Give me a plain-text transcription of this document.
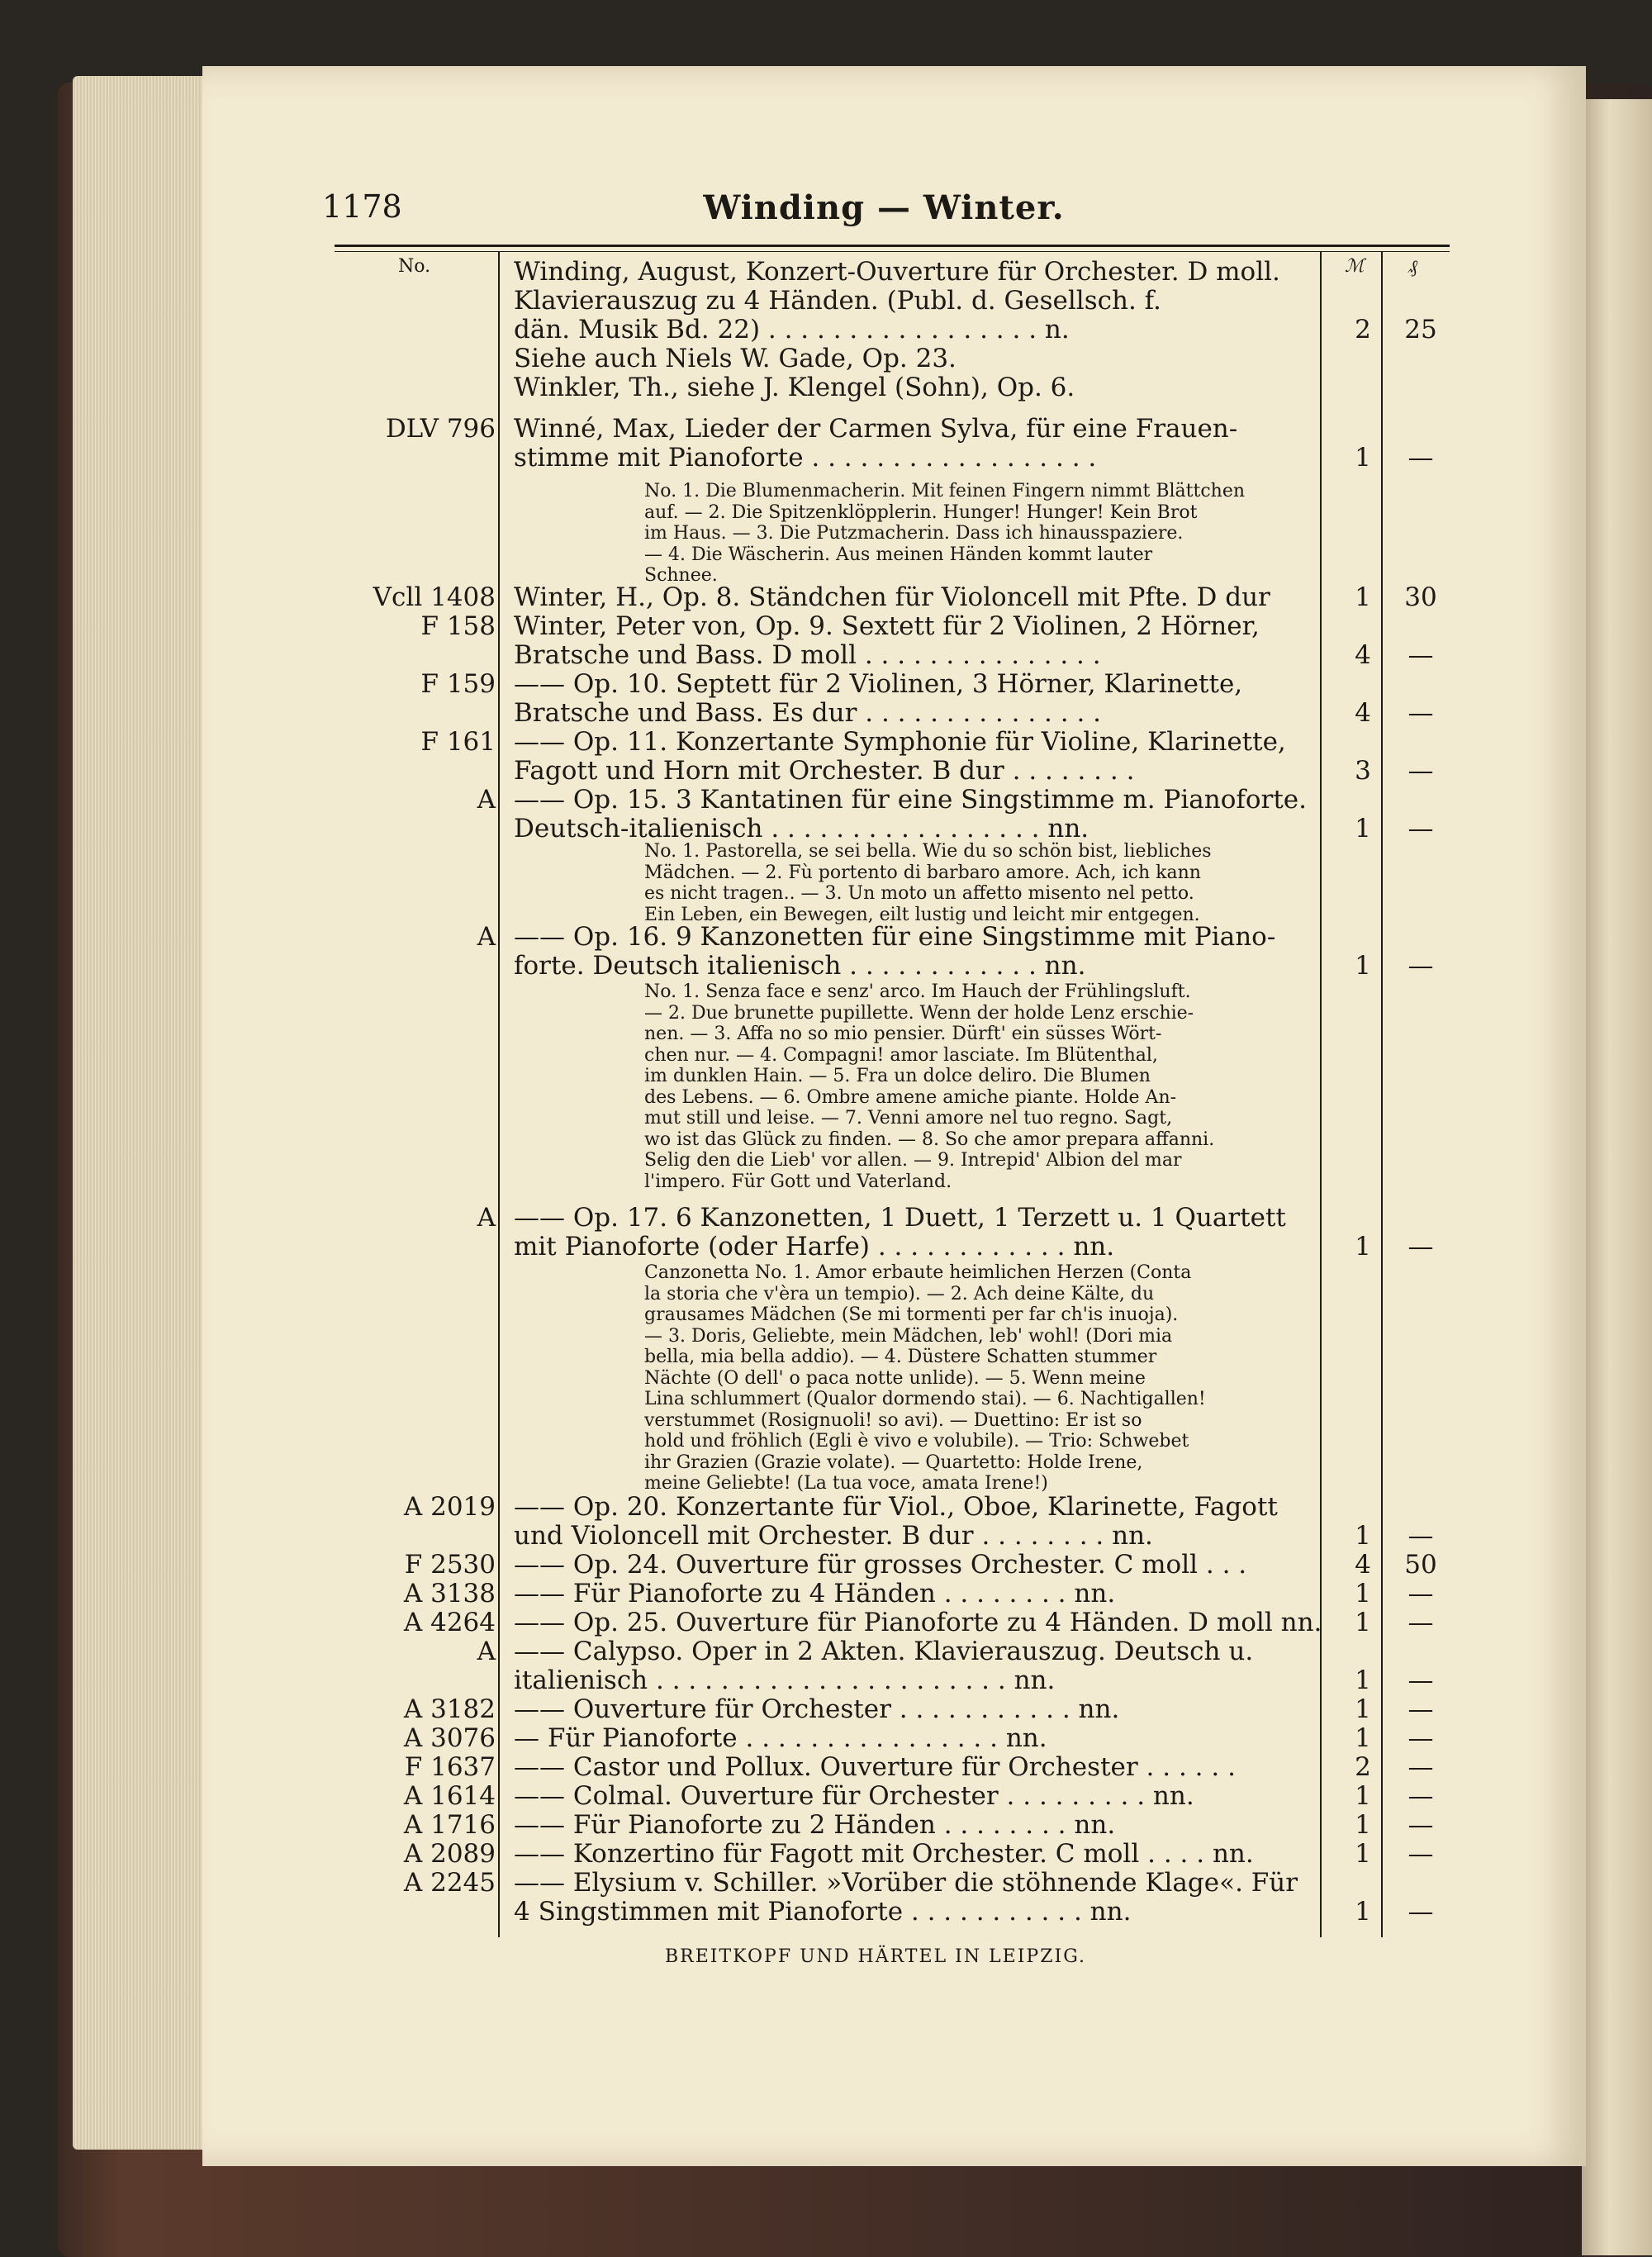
Winding — Winter.
1178
No.	ℳ ₰
Winding, August, Konzert-Ouverture für Orchester. D moll.
Klavierauszug zu 4 Händen. (Publ. d. Gesellsch. f.
dän. Musik Bd. 22) . . . . . . . . . . . . . . . . . n.	2	25
Siehe auch Niels W. Gade, Op. 23.
Winkler, Th., siehe J. Klengel (Sohn), Op. 6.
DLV 796 Winné, Max, Lieder der Carmen Sylva, für eine Frauen-
stimme mit Pianoforte . . . . . . . . . . . . . . . . . .	1	—
Vcll 1408 Winter, H., Op. 8. Ständchen für Violoncell mit Pfte. D dur	1	30
F 158 Winter, Peter von, Op. 9. Sextett für 2 Violinen, 2 Hörner,
Bratsche und Bass. D moll . . . . . . . . . . . . . . .	4	—
F 159 —— Op. 10. Septett für 2 Violinen, 3 Hörner, Klarinette,
Bratsche und Bass. Es dur . . . . . . . . . . . . . . .	4	—
F 161 —— Op. 11. Konzertante Symphonie für Violine, Klarinette,
Fagott und Horn mit Orchester. B dur . . . . . . . .	3	—
A —— Op. 15. 3 Kantatinen für eine Singstimme m. Pianoforte.
Deutsch-italienisch . . . . . . . . . . . . . . . . . nn.	1	—
A —— Op. 16. 9 Kanzonetten für eine Singstimme mit Piano-
forte. Deutsch italienisch . . . . . . . . . . . . nn.	1	—
A —— Op. 17. 6 Kanzonetten, 1 Duett, 1 Terzett u. 1 Quartett
mit Pianoforte (oder Harfe) . . . . . . . . . . . . nn.	1	—
A 2019 —— Op. 20. Konzertante für Viol., Oboe, Klarinette, Fagott
und Violoncell mit Orchester. B dur . . . . . . . . nn.	1	—
F 2530 —— Op. 24. Ouverture für grosses Orchester. C moll . . .	4	50
A 3138 —— Für Pianoforte zu 4 Händen . . . . . . . . nn.	1	—
A 4264 —— Op. 25. Ouverture für Pianoforte zu 4 Händen. D moll nn.	1	—
A —— Calypso. Oper in 2 Akten. Klavierauszug. Deutsch u.
italienisch . . . . . . . . . . . . . . . . . . . . . . nn.	1	—
A 3182 —— Ouverture für Orchester . . . . . . . . . . . nn.	1	—
A 3076 — Für Pianoforte . . . . . . . . . . . . . . . . nn.	1	—
F 1637 —— Castor und Pollux. Ouverture für Orchester . . . . . .	2	—
A 1614 —— Colmal. Ouverture für Orchester . . . . . . . . . nn.	1	—
A 1716 —— Für Pianoforte zu 2 Händen . . . . . . . . nn.	1	—
A 2089 —— Konzertino für Fagott mit Orchester. C moll . . . . nn.	1	—
A 2245 —— Elysium v. Schiller. »Vorüber die stöhnende Klage«. Für
4 Singstimmen mit Pianoforte . . . . . . . . . . . nn.	1	—
No. 1. Die Blumenmacherin. Mit feinen Fingern nimmt Blättchen
auf. — 2. Die Spitzenklöpplerin. Hunger! Hunger! Kein Brot
im Haus. — 3. Die Putzmacherin. Dass ich hinausspaziere.
— 4. Die Wäscherin. Aus meinen Händen kommt lauter
Schnee.
No. 1. Pastorella, se sei bella. Wie du so schön bist, liebliches
Mädchen. — 2. Fù portento di barbaro amore. Ach, ich kann
es nicht tragen.. — 3. Un moto un affetto misento nel petto.
Ein Leben, ein Bewegen, eilt lustig und leicht mir entgegen.
No. 1. Senza face e senz' arco. Im Hauch der Frühlingsluft.
— 2. Due brunette pupillette. Wenn der holde Lenz erschie-
nen. — 3. Affa no so mio pensier. Dürft' ein süsses Wört-
chen nur. — 4. Compagni! amor lasciate. Im Blütenthal,
im dunklen Hain. — 5. Fra un dolce deliro. Die Blumen
des Lebens. — 6. Ombre amene amiche piante. Holde An-
mut still und leise. — 7. Venni amore nel tuo regno. Sagt,
wo ist das Glück zu finden. — 8. So che amor prepara affanni.
Selig den die Lieb' vor allen. — 9. Intrepid' Albion del mar
l'impero. Für Gott und Vaterland.
Canzonetta No. 1. Amor erbaute heimlichen Herzen (Conta
la storia che v'èra un tempio). — 2. Ach deine Kälte, du
grausames Mädchen (Se mi tormenti per far ch'is inuoja).
— 3. Doris, Geliebte, mein Mädchen, leb' wohl! (Dori mia
bella, mia bella addio). — 4. Düstere Schatten stummer
Nächte (O dell' o paca notte unlide). — 5. Wenn meine
Lina schlummert (Qualor dormendo stai). — 6. Nachtigallen!
verstummet (Rosignuoli! so avi). — Duettino: Er ist so
hold und fröhlich (Egli è vivo e volubile). — Trio: Schwebet
ihr Grazien (Grazie volate). — Quartetto: Holde Irene,
meine Geliebte! (La tua voce, amata Irene!)
BREITKOPF UND HÄRTEL IN LEIPZIG.
